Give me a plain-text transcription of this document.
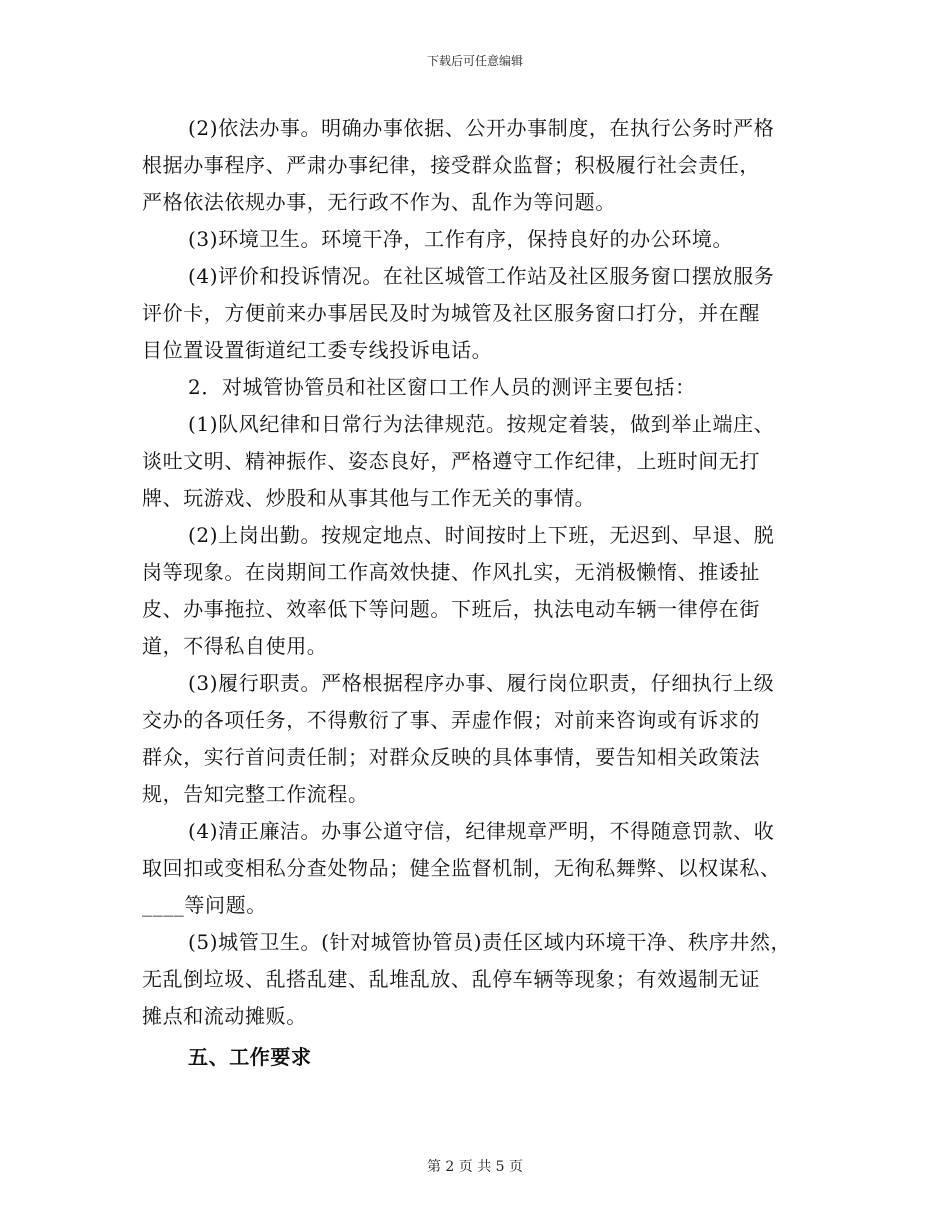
下载后可任意编辑
(2)依法办事。明确办事依据、公开办事制度，在执行公务时严格
根据办事程序、严肃办事纪律，接受群众监督；积极履行社会责任，
严格依法依规办事，无行政不作为、乱作为等问题。
(3)环境卫生。环境干净，工作有序，保持良好的办公环境。
(4)评价和投诉情况。在社区城管工作站及社区服务窗口摆放服务
评价卡，方便前来办事居民及时为城管及社区服务窗口打分，并在醒
目位置设置街道纪工委专线投诉电话。
2．对城管协管员和社区窗口工作人员的测评主要包括：
(1)队风纪律和日常行为法律规范。按规定着装，做到举止端庄、
谈吐文明、精神振作、姿态良好，严格遵守工作纪律，上班时间无打
牌、玩游戏、炒股和从事其他与工作无关的事情。
(2)上岗出勤。按规定地点、时间按时上下班，无迟到、早退、脱
岗等现象。在岗期间工作高效快捷、作风扎实，无消极懒惰、推诿扯
皮、办事拖拉、效率低下等问题。下班后，执法电动车辆一律停在街
道，不得私自使用。
(3)履行职责。严格根据程序办事、履行岗位职责，仔细执行上级
交办的各项任务，不得敷衍了事、弄虚作假；对前来咨询或有诉求的
群众，实行首问责任制；对群众反映的具体事情，要告知相关政策法
规，告知完整工作流程。
(4)清正廉洁。办事公道守信，纪律规章严明，不得随意罚款、收
取回扣或变相私分查处物品；健全监督机制，无徇私舞弊、以权谋私、
____等问题。
(5)城管卫生。(针对城管协管员)责任区域内环境干净、秩序井然，
无乱倒垃圾、乱搭乱建、乱堆乱放、乱停车辆等现象；有效遏制无证
摊点和流动摊贩。
五、工作要求
第 2 页 共 5 页
